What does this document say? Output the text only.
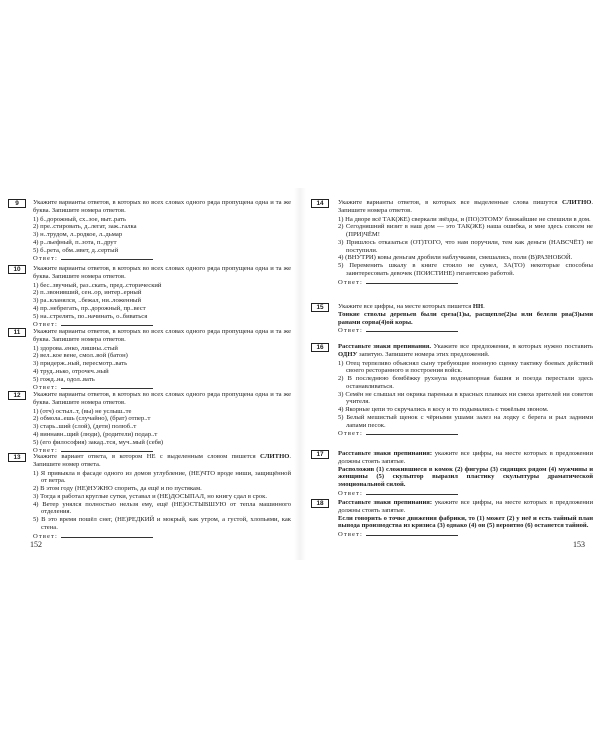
9	Укажите варианты ответов, в которых во всех словах одного ряда пропущена одна и та же буква. Запишите номера ответов.

1) б..дорожный, сх..зое, выт..рать

2) пре..стировать, д..легат, заж..галка

3) н..трудом, л..родкое, л..дьмар

4) р..льефный, п..зота, п..друт

5) б..рета, обм..ивет, д..сертый

Ответ:

10	Укажите варианты ответов, в которых во всех словах одного ряда пропущена одна и та же буква. Запишите номера ответов.

1) бес..звучный, раз..скать, пред..сторический

2) п..звонивший, сен..ор, интер..ерный

3) ра..кланялся, ..бежал, ни..ложенный

4) пр..небрегать, пр..дорожный, пр..вест

5) на..стрелять, по..начинать, о..биваться

Ответ:

11	Укажите варианты ответов, в которых во всех словах одного ряда пропущена одна и та же буква. Запишите номера ответов.

1) здорова..енко, лишны..стый

2) вел..кое вене, смол..вой (батон)

3) придерж..ный, пересмотр..вать

4) труд..нько, отрочеч..ный

5) гожд..на, одол..вать

Ответ:

12	Укажите варианты ответов, в которых во всех словах одного ряда пропущена одна и та же буква. Запишите номера ответов.

1) (отч) остыл..т, (вы) не услыш..те

2) обмола..ешь (случайно), (брат) отпер..т

3) старь..ший (слой), (дети) полюб..т

4) виннавн..щий (люди), (родители) подар..т

5) (его философия) закад..тся, муч..мый (себя)

Ответ:

13	Укажите вариант ответа, в котором НЕ с выделенным словом пишется СЛИТНО. Запишите номер ответа.

1) Я привыкла в фасаде одного из домов углубление, (НЕ)ЧТО вроде ниши, защищённой от ветра.

2) В этом году (НЕ)НУЖНО спорить, да ещё и по пустякам.

3) Тогда я работал круглые сутки, уставал и (НЕ)ДОСЫПАЛ, но книгу сдал в срок.

4) Ветер унялся полностью нельзя ему, ещё (НЕ)ОСТЫВШУЮ от тепла машинного отделения.

5) В это время пошёл снег, (НЕ)РЕДКИЙ и мокрый, как утром, а густой, хлопьями, как стена.

Ответ:

152
14	Укажите варианты ответов, в которых все выделенные слова пишутся СЛИТНО. Запишите номера ответов.

1) На дворе всё ТАК(ЖЕ) сверкали звёзды, и (ПО)ЭТОМУ ближайшие не спешили в дом.

2) Сегодняшний визит в наш дом — это ТАК(ЖЕ) наша ошибка, и мне здесь совсем не (ПРИ)ЧЁМ!

3) Пришлось отказаться (ОТ)ТОГО, что нам поручили, тем как деньги (НАВСЧЁТ) не поступили.

4) (ВНУТРИ) ковы деньгам дробили наблучками, смешались, поли (В)РАЗНОБОЙ.

5) Переменить шкалу в книге стоило не сумел, ЗА(ТО) некоторые способны заинтересовать девочек (ПОИСТИНЕ) гигантскою работой.

Ответ:

15	Укажите все цифры, на месте которых пишется НН.

Тонкие стволы деревьев были среза(1)ы, расщепле(2)ы или белели рва(3)ыми ранами сорва(4)ой коры.

Ответ:

16	Расставьте знаки препинания. Укажите все предложения, в которых нужно поставить ОДНУ запятую. Запишите номера этих предложений.

1) Отец терпеливо объяснял сыну требующие военную сценку тактику боевых действий своего ресторанного и построения войск.

2) В последнюю бомбёжку рухнула водонапорная башня и поезда перестали здесь останавливаться.

3) Семён не слышал ни окрика паренька в красных плавках ни смеха зрителей ни советов учителя.

4) Якорные цепи то скручались в косу и то подымались с тяжёлым звоном.

5) Белый мешистый щенок с чёрными ушами залез на лодку с берега и рыл задними лапами песок.

Ответ:

17	Расставьте знаки препинания: укажите все цифры, на месте которых в предложении должны стоять запятые.

Расположив (1) сложившиеся в комок (2) фигуры (3) сидящих рядом (4) мужчины и женщины (5) скульптор выразил пластику скульптуры драматической эмоциональной силой.

Ответ:

18	Расставьте знаки препинания: укажите все цифры, на месте которых в предложении должны стоять запятые.

Если говорить о точке движения фабрики, то (1) может (2) у неё и есть тайный план вывода производства из кризиса (3) однако (4) он (5) вероятно (6) останется тайной.

Ответ:

153
